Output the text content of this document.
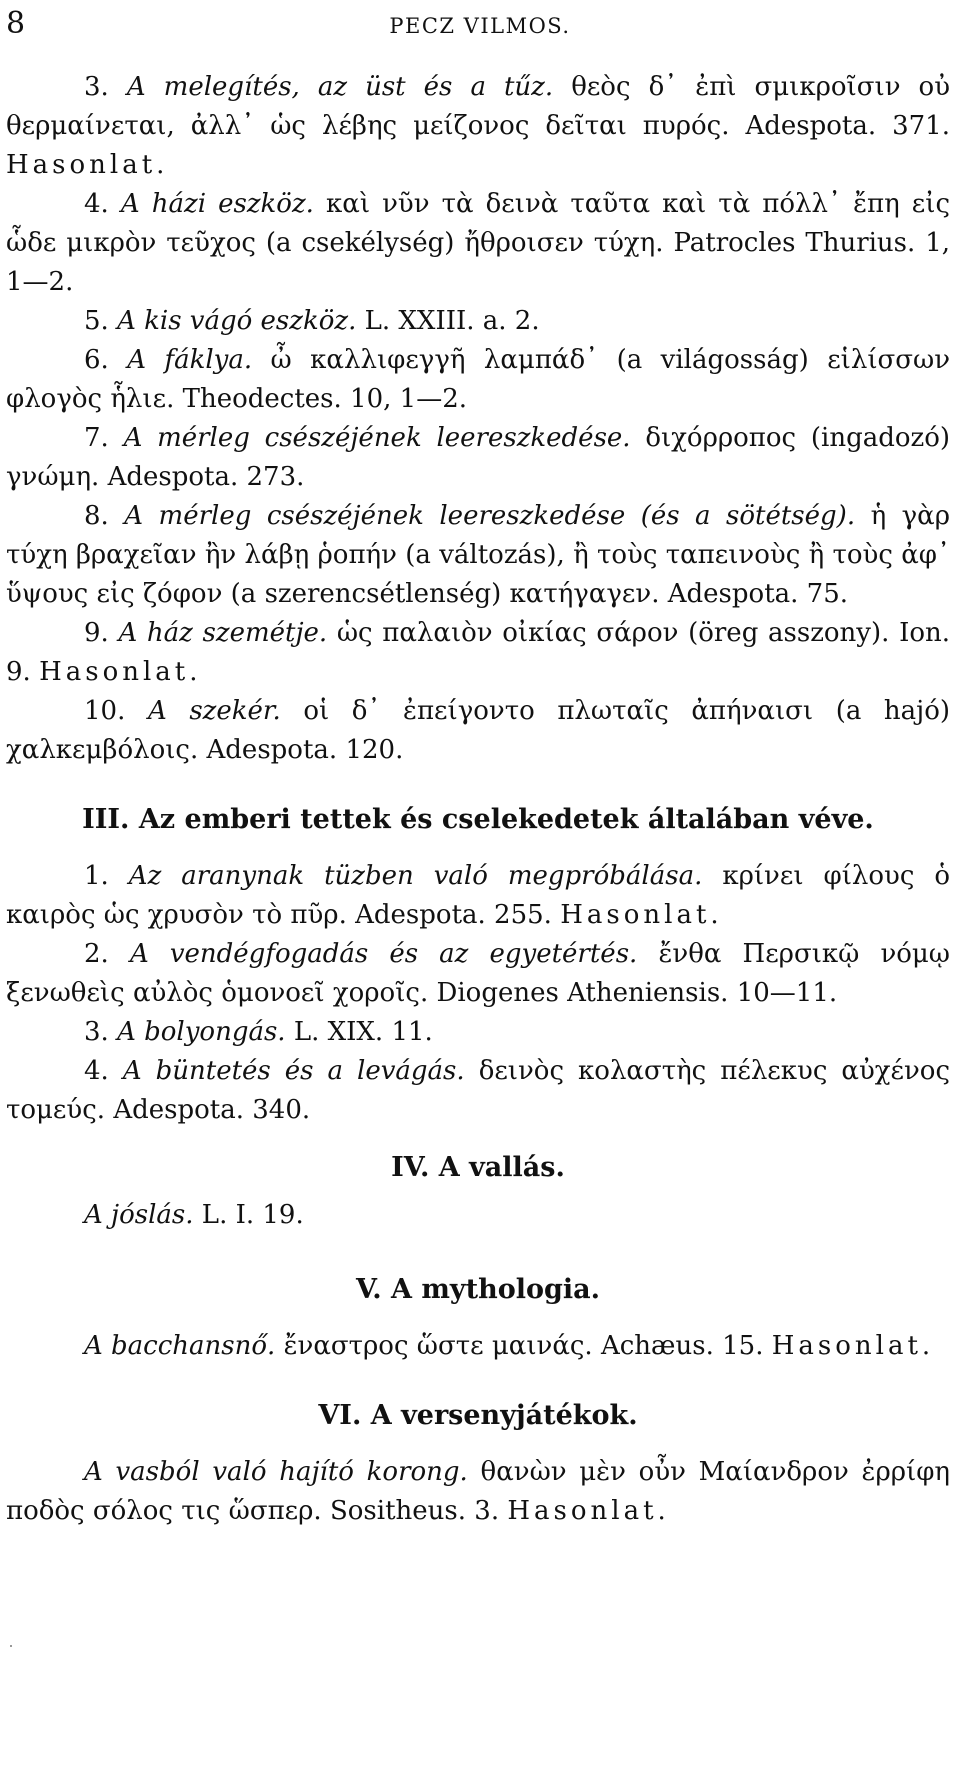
8	PECZ VILMOS.

3. A melegítés, az üst és a tűz. θεὸς δ᾽ ἐπὶ σμικροῖσιν οὐ θερμαίνεται, ἀλλ᾽ ὡς λέβης μείζονος δεῖται πυρός. Adespota. 371. Hasonlat.

4. A házi eszköz. καὶ νῦν τὰ δεινὰ ταῦτα καὶ τὰ πόλλ᾽ ἔπη εἰς ὧδε μικρὸν τεῦχος (a csekélység) ἤθροισεν τύχη. Patrocles Thurius. 1, 1—2.

5. A kis vágó eszköz. L. XXIII. a. 2.

6. A fáklya. ὦ καλλιφεγγῆ λαμπάδ᾽ (a világosság) εἱλίσσων φλογὸς ἧλιε. Theodectes. 10, 1—2.

7. A mérleg csészéjének leereszkedése. διχόρροπος (ingadozó) γνώμη. Adespota. 273.

8. A mérleg csészéjének leereszkedése (és a sötétség). ἡ γὰρ τύχη βραχεῖαν ἢν λάβῃ ῥοπήν (a változás), ἢ τοὺς ταπεινοὺς ἢ τοὺς ἀφ᾽ ὕψους εἰς ζόφον (a szerencsétlenség) κατήγαγεν. Adespota. 75.

9. A ház szemétje. ὡς παλαιὸν οἰκίας σάρον (öreg asszony). Ion. 9. Hasonlat.

10. A szekér. οἱ δ᾽ ἐπείγοντο πλωταῖς ἀπήναισι (a hajó) χαλκεμβόλοις. Adespota. 120.

III. Az emberi tettek és cselekedetek általában véve.

1. Az aranynak tüzben való megpróbálása. κρίνει φίλους ὁ καιρὸς ὡς χρυσὸν τὸ πῦρ. Adespota. 255. Hasonlat.

2. A vendégfogadás és az egyetértés. ἔνθα Περσικῷ νόμῳ ξενωθεὶς αὐλὸς ὁμονοεῖ χοροῖς. Diogenes Atheniensis. 10—11.

3. A bolyongás. L. XIX. 11.

4. A büntetés és a levágás. δεινὸς κολαστὴς πέλεκυς αὐχένος τομεύς. Adespota. 340.

IV. A vallás.
A jóslás. L. I. 19.

V. A mythologia.

A bacchansnő. ἔναστρος ὥστε μαινάς. Achæus. 15. Hasonlat.

VI. A versenyjátékok.

A vasból való hajító korong. θανὼν μὲν οὖν Μαίανδρον ἐρρίφη ποδὸς σόλος τις ὥσπερ. Sositheus. 3. Hasonlat.
